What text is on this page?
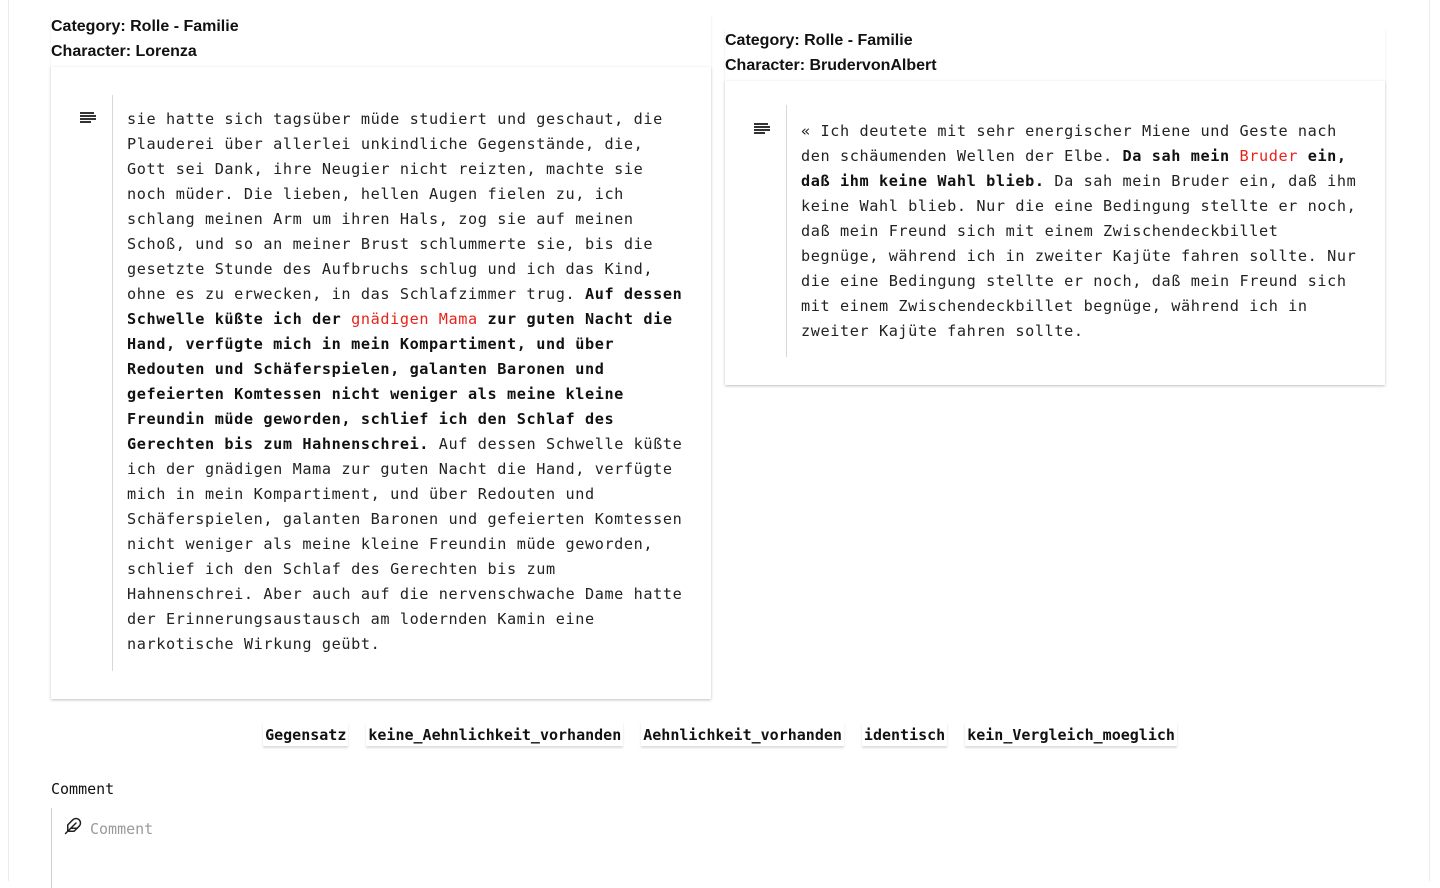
Category: Rolle - Familie
Character: Lorenza
sie hatte sich tagsüber müde studiert und geschaut, die Plauderei über allerlei unkindliche Gegenstände, die, Gott sei Dank, ihre Neugier nicht reizten, machte sie noch müder. Die lieben, hellen Augen fielen zu, ich schlang meinen Arm um ihren Hals, zog sie auf meinen Schoß, und so an meiner Brust schlummerte sie, bis die gesetzte Stunde des Aufbruchs schlug und ich das Kind, ohne es zu erwecken, in das Schlafzimmer trug. Auf dessen Schwelle küßte ich der gnädigen Mama zur guten Nacht die Hand, verfügte mich in mein Kompartiment, und über Redouten und Schäferspielen, galanten Baronen und gefeierten Komtessen nicht weniger als meine kleine Freundin müde geworden, schlief ich den Schlaf des Gerechten bis zum Hahnenschrei. Auf dessen Schwelle küßte ich der gnädigen Mama zur guten Nacht die Hand, verfügte mich in mein Kompartiment, und über Redouten und Schäferspielen, galanten Baronen und gefeierten Komtessen nicht weniger als meine kleine Freundin müde geworden, schlief ich den Schlaf des Gerechten bis zum Hahnenschrei. Aber auch auf die nervenschwache Dame hatte der Erinnerungsaustausch am lodernden Kamin eine narkotische Wirkung geübt.
Category: Rolle - Familie
Character: BrudervonAlbert
« Ich deutete mit sehr energischer Miene und Geste nach den schäumenden Wellen der Elbe. Da sah mein Bruder ein, daß ihm keine Wahl blieb. Da sah mein Bruder ein, daß ihm keine Wahl blieb. Nur die eine Bedingung stellte er noch, daß mein Freund sich mit einem Zwischendeckbillet begnüge, während ich in zweiter Kajüte fahren sollte. Nur die eine Bedingung stellte er noch, daß mein Freund sich mit einem Zwischendeckbillet begnüge, während ich in zweiter Kajüte fahren sollte.
Gegensatz keine_Aehnlichkeit_vorhanden Aehnlichkeit_vorhanden identisch kein_Vergleich_moeglich
Comment
Comment
